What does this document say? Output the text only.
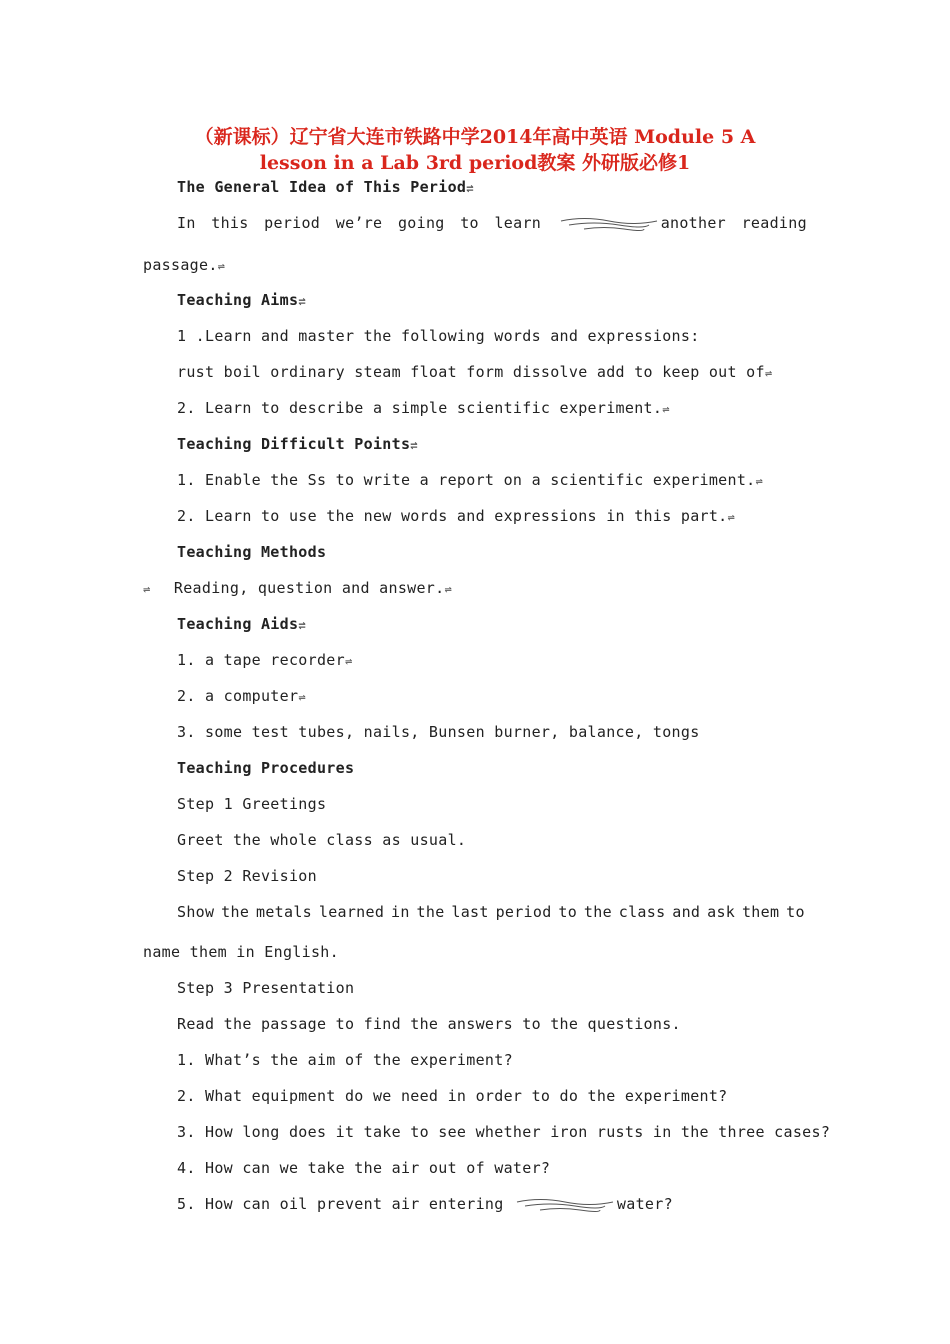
（新课标）辽宁省大连市铁路中学2014年高中英语 Module 5 A
lesson in a Lab 3rd period教案 外研版必修1
The General Idea of This Period⇌
In this period we’re going to learn	another reading
passage.⇌
Teaching Aims⇌
1 .Learn and master the following words and expressions:
rust boil ordinary steam float form dissolve add to keep out of⇌
2. Learn to describe a simple scientific experiment.⇌
Teaching Difficult Points⇌
1. Enable the Ss to write a report on a scientific experiment.⇌
2. Learn to use the new words and expressions in this part.⇌
Teaching Methods
⇌ Reading, question and answer.⇌
Teaching Aids⇌
1. a tape recorder⇌
2. a computer⇌
3. some test tubes, nails, Bunsen burner, balance, tongs
Teaching Procedures
Step 1 Greetings
Greet the whole class as usual.
Step 2 Revision
Show the metals learned in the last period to the class and ask them to
name them in English.
Step 3 Presentation
Read the passage to find the answers to the questions.
1. What’s the aim of the experiment?
2. What equipment do we need in order to do the experiment?
3. How long does it take to see whether iron rusts in the three cases?
4. How can we take the air out of water?
5. How can oil prevent air entering	water?
